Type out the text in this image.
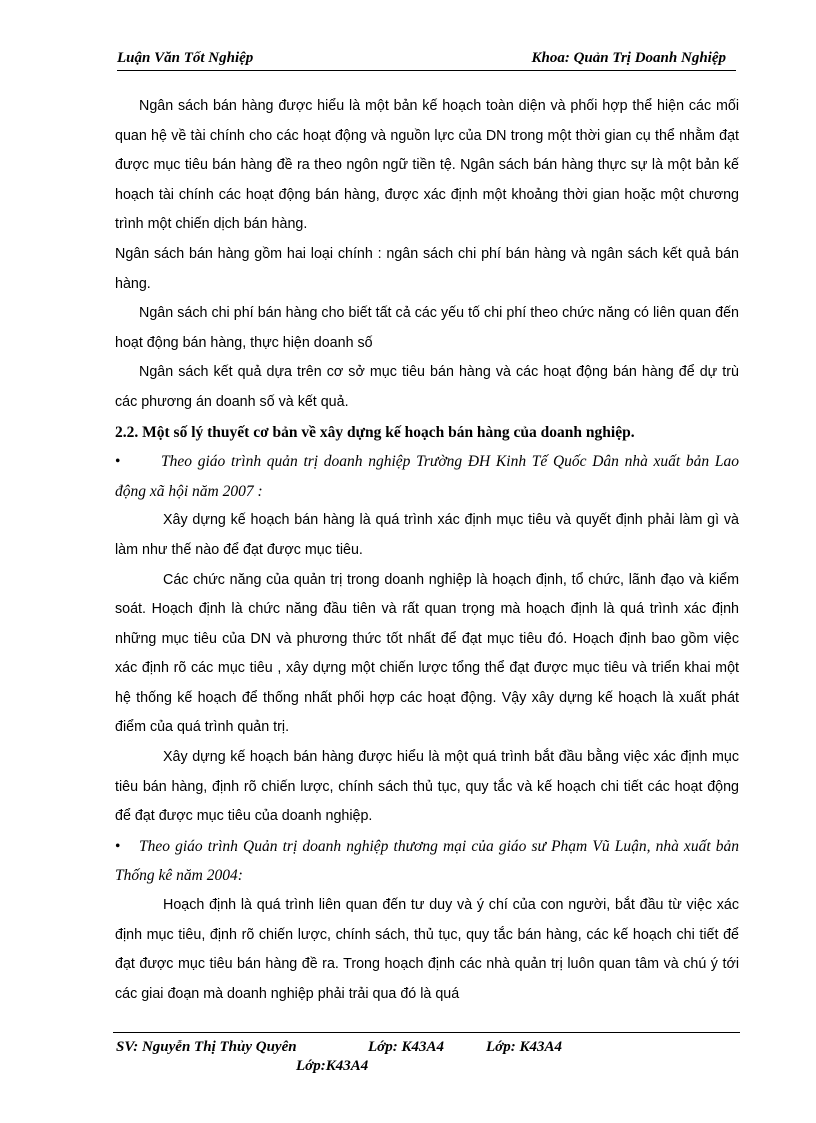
Luận Văn Tốt Nghiệp	Khoa: Quản Trị Doanh Nghiệp

Ngân sách bán hàng được hiểu là một bản kế hoạch toàn diện và phối hợp thể hiện các mối quan hệ về tài chính cho các hoạt động và nguồn lực của DN trong một thời gian cụ thể nhằm đạt được mục tiêu bán hàng đề ra theo ngôn ngữ tiền tệ. Ngân sách bán hàng thực sự là một bản kế hoạch tài chính các hoạt động bán hàng, được xác định một khoảng thời gian hoặc một chương trình một chiến dịch bán hàng.

Ngân sách bán hàng gồm hai loại chính : ngân sách chi phí bán hàng và ngân sách kết quả bán hàng.

Ngân sách chi phí bán hàng cho biết tất cả các yếu tố chi phí theo chức năng có liên quan đến hoạt động bán hàng, thực hiện doanh số

Ngân sách kết quả dựa trên cơ sở mục tiêu bán hàng và các hoạt động bán hàng để dự trù các phương án doanh số và kết quả.

2.2. Một số lý thuyết cơ bản về xây dựng kế hoạch bán hàng của doanh nghiệp.

•	Theo giáo trình quản trị doanh nghiệp Trường ĐH Kinh Tế Quốc Dân nhà xuất bản Lao động xã hội năm 2007 :

Xây dựng kế hoạch bán hàng là quá trình xác định mục tiêu và quyết định phải làm gì và làm như thế nào để đạt được mục tiêu.

Các chức năng của quản trị trong doanh nghiệp là hoạch định, tổ chức, lãnh đạo và kiểm soát. Hoạch định là chức năng đầu tiên và rất quan trọng mà hoạch định là quá trình xác định những mục tiêu của DN và phương thức tốt nhất để đạt mục tiêu đó. Hoạch định bao gồm việc xác định rõ các mục tiêu , xây dựng một chiến lược tổng thể đạt được mục tiêu và triển khai một hệ thống kế hoạch để thống nhất phối hợp các hoạt động. Vậy xây dựng kế hoạch là xuất phát điểm của quá trình quản trị.

Xây dựng kế hoạch bán hàng được hiểu là một quá trình bắt đầu bằng việc xác định mục tiêu bán hàng, định rõ chiến lược, chính sách thủ tục, quy tắc và kế hoạch chi tiết các hoạt động để đạt được mục tiêu của doanh nghiệp.

• Theo giáo trình Quản trị doanh nghiệp thương mại của giáo sư Phạm Vũ Luận, nhà xuất bản Thống kê năm 2004:

Hoạch định là quá trình liên quan đến tư duy và ý chí của con người, bắt đầu từ việc xác định mục tiêu, định rõ chiến lược, chính sách, thủ tục, quy tắc bán hàng, các kế hoạch chi tiết để đạt được mục tiêu bán hàng đề ra. Trong hoạch định các nhà quản trị luôn quan tâm và chú ý tới các giai đoạn mà doanh nghiệp phải trải qua đó là quá

SV: Nguyễn Thị Thủy Quyên	Lớp: K43A4	Lớp: K43A4
Lớp:K43A4
